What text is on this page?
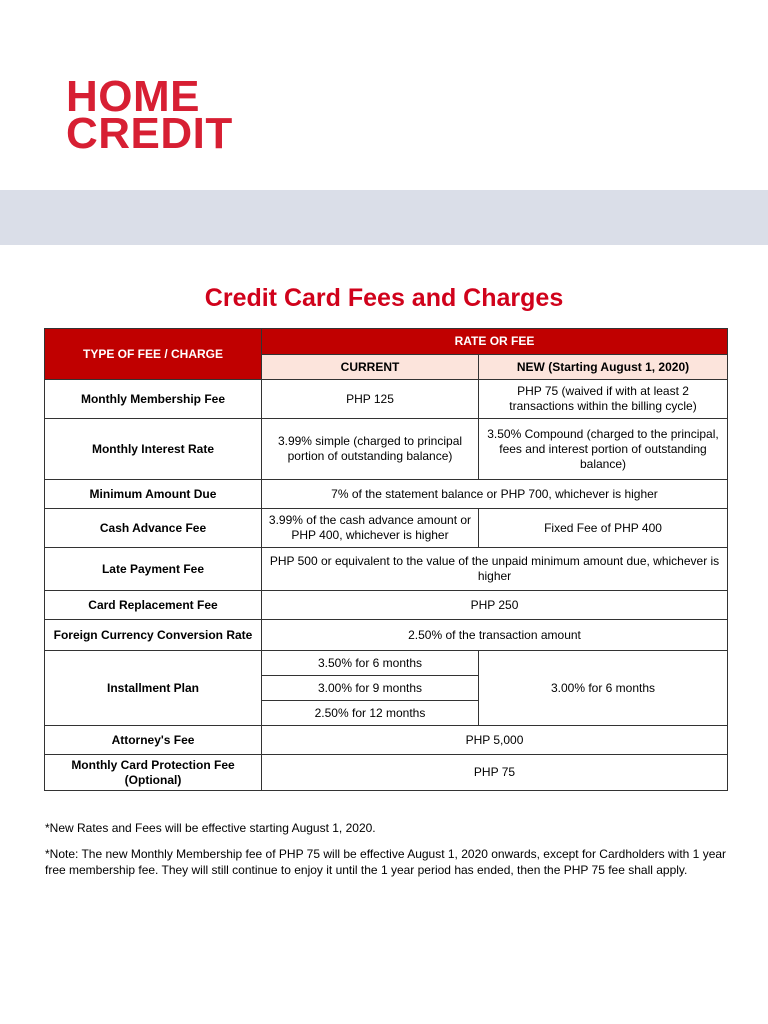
HOME
CREDIT
Credit Card Fees and Charges
TYPE OF FEE / CHARGE	RATE OR FEE	
	CURRENT	NEW (Starting August 1, 2020)
Monthly Membership Fee	PHP 125	PHP 75 (waived if with at least 2 transactions within the billing cycle)
Monthly Interest Rate	3.99% simple (charged to principal portion of outstanding balance)	3.50% Compound (charged to the principal, fees and interest portion of outstanding balance)
Minimum Amount Due	7% of the statement balance or PHP 700, whichever is higher	
Cash Advance Fee	3.99% of the cash advance amount or PHP 400, whichever is higher	Fixed Fee of PHP 400
Late Payment Fee	PHP 500 or equivalent to the value of the unpaid minimum amount due, whichever is higher	
Card Replacement Fee	PHP 250	
Foreign Currency Conversion Rate	2.50% of the transaction amount	
Installment Plan	3.50% for 6 months	3.00% for 6 months
	3.00% for 9 months	
	2.50% for 12 months	
Attorney's Fee	PHP 5,000	
Monthly Card Protection Fee (Optional)	PHP 75	

*New Rates and Fees will be effective starting August 1, 2020.

*Note: The new Monthly Membership fee of PHP 75 will be effective August 1, 2020 onwards, except for Cardholders with 1 year free membership fee. They will still continue to enjoy it until the 1 year period has ended, then the PHP 75 fee shall apply.
